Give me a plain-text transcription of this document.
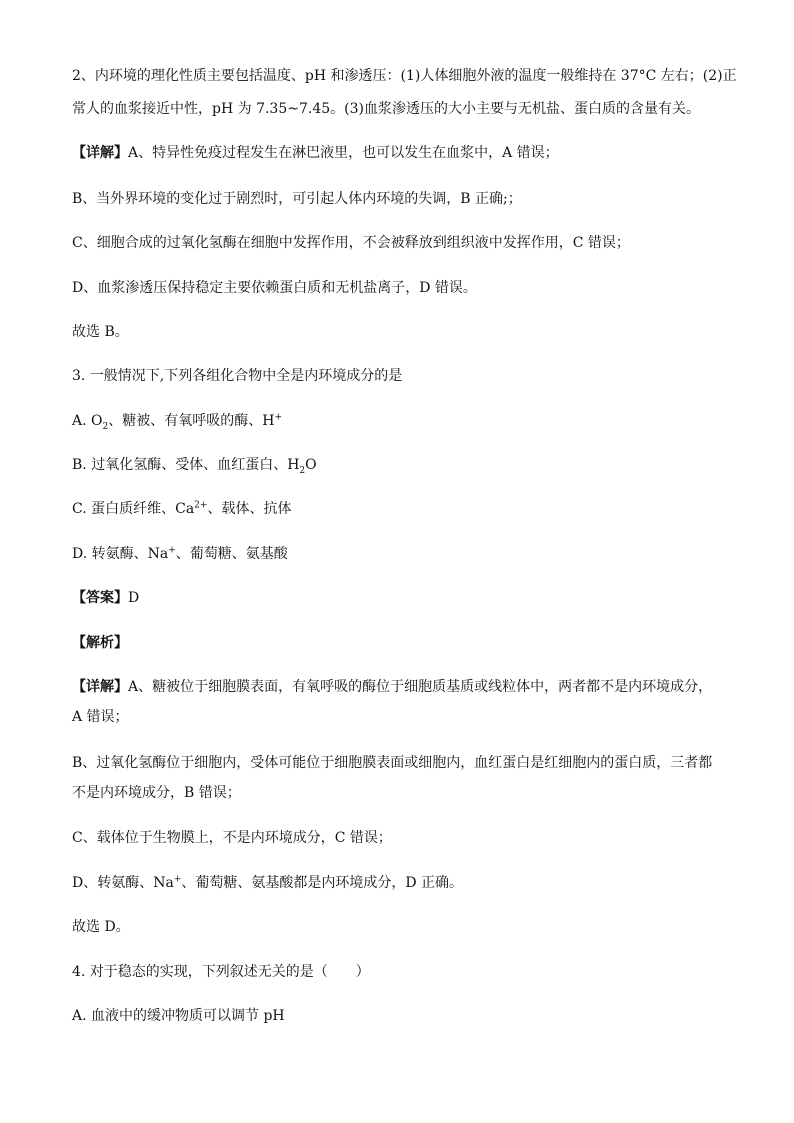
2、内环境的理化性质主要包括温度、pH 和渗透压：(1)人体细胞外液的温度一般维持在 37°C 左右；(2)正
常人的血浆接近中性，pH 为 7.35~7.45。(3)血浆渗透压的大小主要与无机盐、蛋白质的含量有关。
【详解】A、特异性免疫过程发生在淋巴液里，也可以发生在血浆中，A 错误；
B、当外界环境的变化过于剧烈时，可引起人体内环境的失调，B 正确;；
C、细胞合成的过氧化氢酶在细胞中发挥作用，不会被释放到组织液中发挥作用，C 错误；
D、血浆渗透压保持稳定主要依赖蛋白质和无机盐离子，D 错误。
故选 B。
3. 一般情况下,下列各组化合物中全是内环境成分的是
A. $O_2$、糖被、有氧呼吸的酶、H+
B. 过氧化氢酶、受体、血红蛋白、$H_2O$
C. 蛋白质纤维、$Ca^{2+}$、载体、抗体
D. 转氨酶、Na+、葡萄糖、氨基酸
【答案】D
【解析】
【详解】A、糖被位于细胞膜表面，有氧呼吸的酶位于细胞质基质或线粒体中，两者都不是内环境成分，
A 错误；
B、过氧化氢酶位于细胞内，受体可能位于细胞膜表面或细胞内，血红蛋白是红细胞内的蛋白质，三者都
不是内环境成分，B 错误；
C、载体位于生物膜上，不是内环境成分，C 错误；
D、转氨酶、Na+、葡萄糖、氨基酸都是内环境成分，D 正确。
故选 D。
4. 对于稳态的实现，下列叙述无关的是（　　）
A. 血液中的缓冲物质可以调节 pH
